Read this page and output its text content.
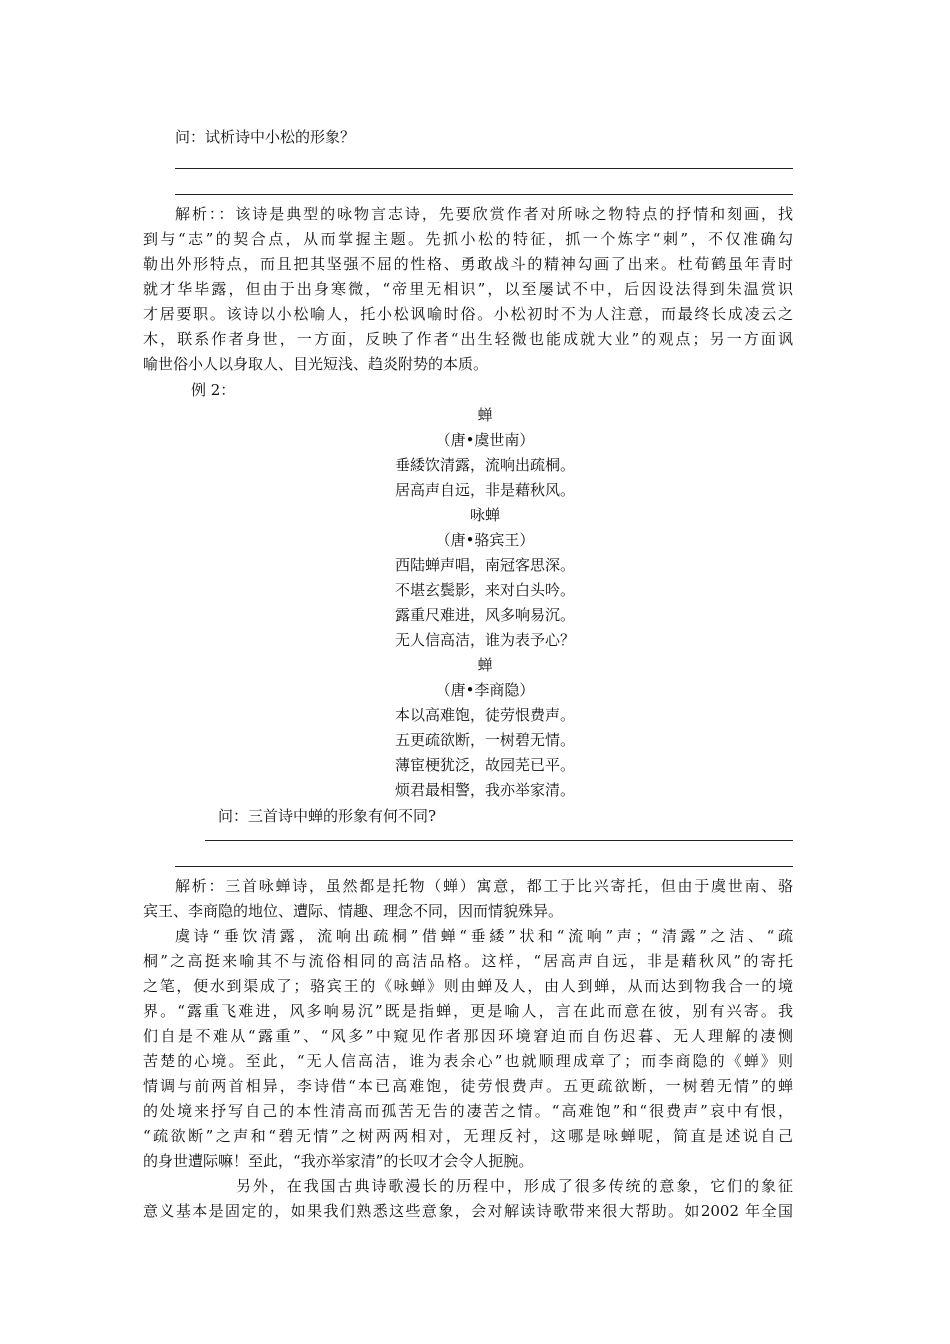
问：试析诗中小松的形象？
解析：：该诗是典型的咏物言志诗，先要欣赏作者对所咏之物特点的抒情和刻画，找
到与“志”的契合点，从而掌握主题。先抓小松的特征，抓一个炼字“刺”，不仅准确勾
勒出外形特点，而且把其坚强不屈的性格、勇敢战斗的精神勾画了出来。杜荀鹤虽年青时
就才华毕露，但由于出身寒微，“帝里无相识”，以至屡试不中，后因设法得到朱温赏识
才居要职。该诗以小松喻人，托小松讽喻时俗。小松初时不为人注意，而最终长成凌云之
木，联系作者身世，一方面，反映了作者“出生轻微也能成就大业”的观点；另一方面讽
喻世俗小人以身取人、目光短浅、趋炎附势的本质。
例 2：
蝉
（唐•虞世南）
垂緌饮清露，流响出疏桐。
居高声自远，非是藉秋风。
咏蝉
（唐•骆宾王）
西陆蝉声唱，南冠客思深。
不堪玄鬓影，来对白头吟。
露重尺难进，风多响易沉。
无人信高洁，谁为表予心？
蝉
（唐•李商隐）
本以高难饱，徒劳恨费声。
五更疏欲断，一树碧无情。
薄宦梗犹泛，故园芜已平。
烦君最相警，我亦举家清。
问：三首诗中蝉的形象有何不同?
解析：三首咏蝉诗，虽然都是托物（蝉）寓意，都工于比兴寄托，但由于虞世南、骆
宾王、李商隐的地位、遭际、情趣、理念不同，因而情貌殊异。
虞诗“垂饮清露，流响出疏桐”借蝉“垂緌”状和“流响”声；“清露”之洁、“疏
桐”之高挺来喻其不与流俗相同的高洁品格。这样，“居高声自远，非是藉秋风”的寄托
之笔，便水到渠成了；骆宾王的《咏蝉》则由蝉及人，由人到蝉，从而达到物我合一的境
界。“露重飞难进，风多响易沉”既是指蝉，更是喻人，言在此而意在彼，别有兴寄。我
们自是不难从“露重”、“风多”中窥见作者那因环境窘迫而自伤迟暮、无人理解的凄恻
苦楚的心境。至此，“无人信高洁，谁为表余心”也就顺理成章了；而李商隐的《蝉》则
情调与前两首相异，李诗借“本已高难饱，徒劳恨费声。五更疏欲断，一树碧无情”的蝉
的处境来抒写自己的本性清高而孤苦无告的凄苦之情。“高难饱”和“很费声”哀中有恨，
“疏欲断”之声和“碧无情”之树两两相对，无理反衬，这哪是咏蝉呢，简直是述说自己
的身世遭际嘛！至此，“我亦举家清”的长叹才会令人扼腕。
另外，在我国古典诗歌漫长的历程中，形成了很多传统的意象，它们的象征
意义基本是固定的，如果我们熟悉这些意象，会对解读诗歌带来很大帮助。如2002 年全国
